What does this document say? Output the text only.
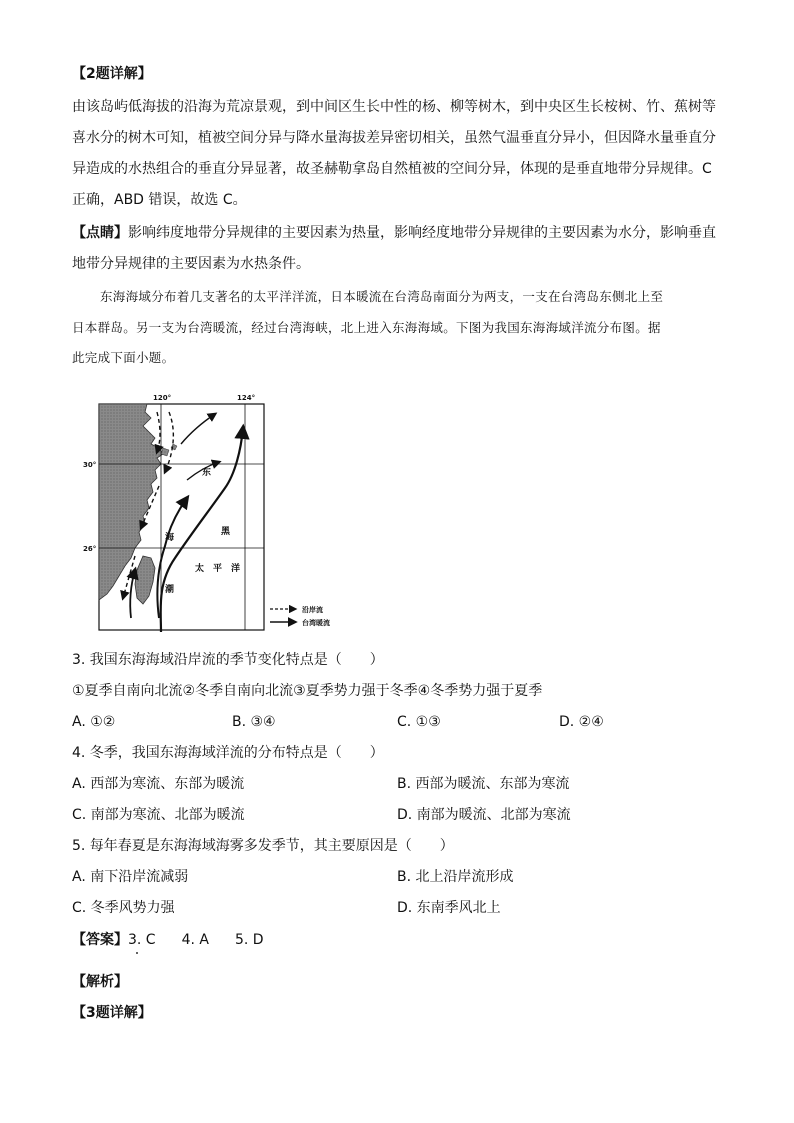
【2题详解】
由该岛屿低海拔的沿海为荒凉景观，到中间区生长中性的杨、柳等树木，到中央区生长桉树、竹、蕉树等
喜水分的树木可知，植被空间分异与降水量海拔差异密切相关，虽然气温垂直分异小，但因降水量垂直分
异造成的水热组合的垂直分异显著，故圣赫勒拿岛自然植被的空间分异，体现的是垂直地带分异规律。C
正确，ABD 错误，故选 C。
【点睛】影响纬度地带分异规律的主要因素为热量，影响经度地带分异规律的主要因素为水分，影响垂直
地带分异规律的主要因素为水热条件。
东海海域分布着几支著名的太平洋洋流，日本暖流在台湾岛南面分为两支，一支在台湾岛东侧北上至
日本群岛。另一支为台湾暖流，经过台湾海峡，北上进入东海海域。下图为我国东海海域洋流分布图。据
此完成下面小题。
120°	124°
30°
26°
东
海
黑
潮
太 平 洋
沿岸流
台湾暖流
3. 我国东海海域沿岸流的季节变化特点是（　　）
①夏季自南向北流②冬季自南向北流③夏季势力强于冬季④冬季势力强于夏季
A. ①②	B. ③④	C. ①③	D. ②④
4. 冬季，我国东海海域洋流的分布特点是（　　）
A. 西部为寒流、东部为暖流	B. 西部为暖流、东部为寒流
C. 南部为寒流、北部为暖流	D. 南部为暖流、北部为寒流
5. 每年春夏是东海海域海雾多发季节，其主要原因是（　　）
A. 南下沿岸流减弱	B. 北上沿岸流形成
C. 冬季风势力强	D. 东南季风北上
【答案】3. C 4. A 5. D
【解析】
【3题详解】
